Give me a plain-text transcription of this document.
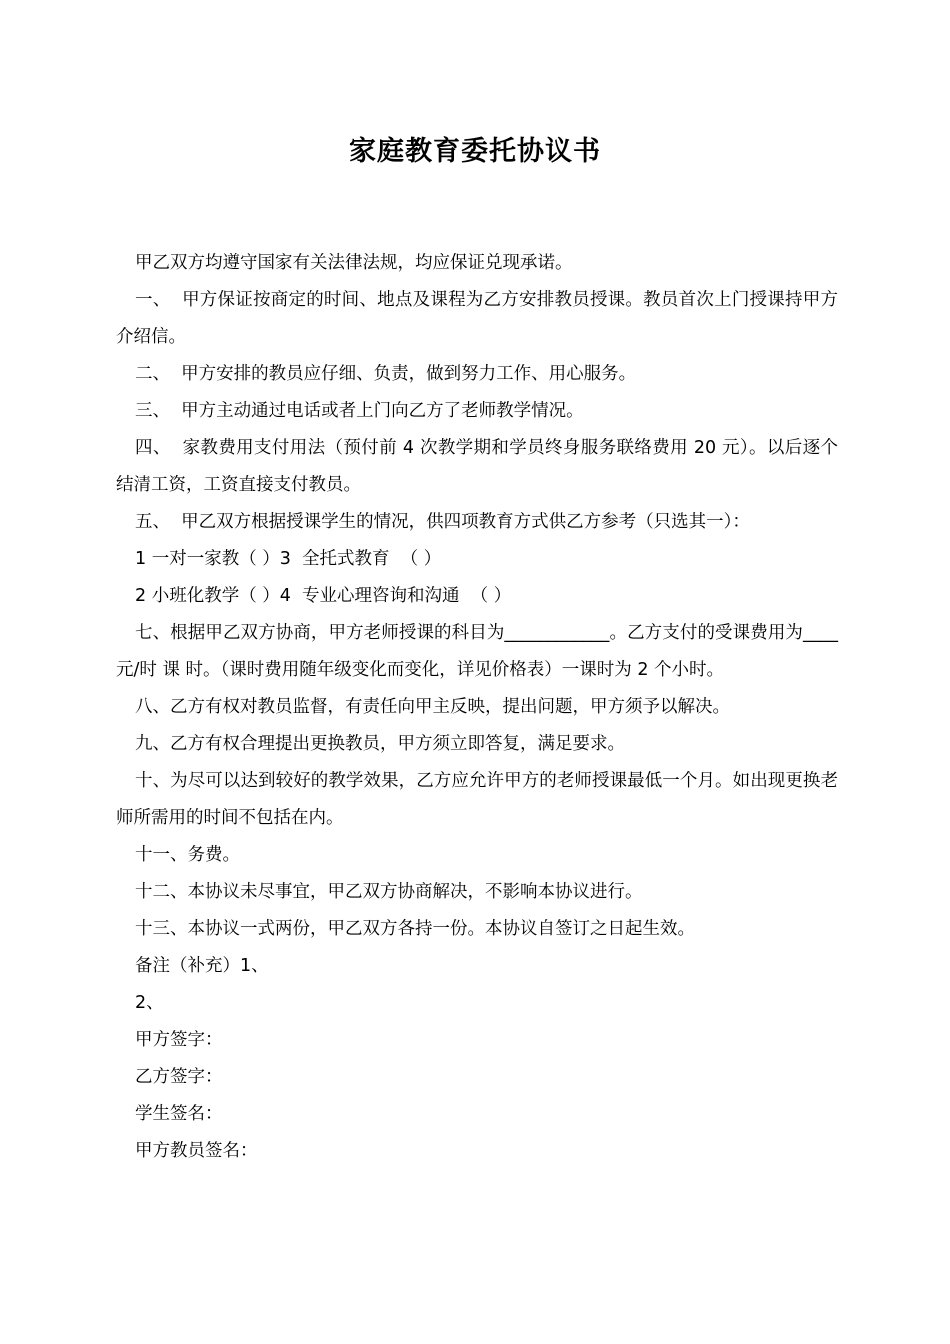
家庭教育委托协议书

甲乙双方均遵守国家有关法律法规，均应保证兑现承诺。

一、  甲方保证按商定的时间、地点及课程为乙方安排教员授课。教员首次上门授课持甲方介绍信。

二、  甲方安排的教员应仔细、负责，做到努力工作、用心服务。

三、  甲方主动通过电话或者上门向乙方了老师教学情况。

四、  家教费用支付用法（预付前 4 次教学期和学员终身服务联络费用 20 元）。以后逐个结清工资，工资直接支付教员。

五、  甲乙双方根据授课学生的情况，供四项教育方式供乙方参考（只选其一）：

1 一对一家教（ ）3  全托式教育  （ ）

2 小班化教学（ ）4  专业心理咨询和沟通  （ ）

七、根据甲乙双方协商，甲方老师授课的科目为____________。乙方支付的受课费用为____元/时 课 时。（课时费用随年级变化而变化，详见价格表）一课时为 2 个小时。

八、乙方有权对教员监督，有责任向甲主反映，提出问题，甲方须予以解决。

九、乙方有权合理提出更换教员，甲方须立即答复，满足要求。

十、为尽可以达到较好的教学效果，乙方应允许甲方的老师授课最低一个月。如出现更换老师所需用的时间不包括在内。

十一、务费。

十二、本协议未尽事宜，甲乙双方协商解决，不影响本协议进行。

十三、本协议一式两份，甲乙双方各持一份。本协议自签订之日起生效。

备注（补充）1、

2、

甲方签字：

乙方签字：

学生签名：

甲方教员签名：
